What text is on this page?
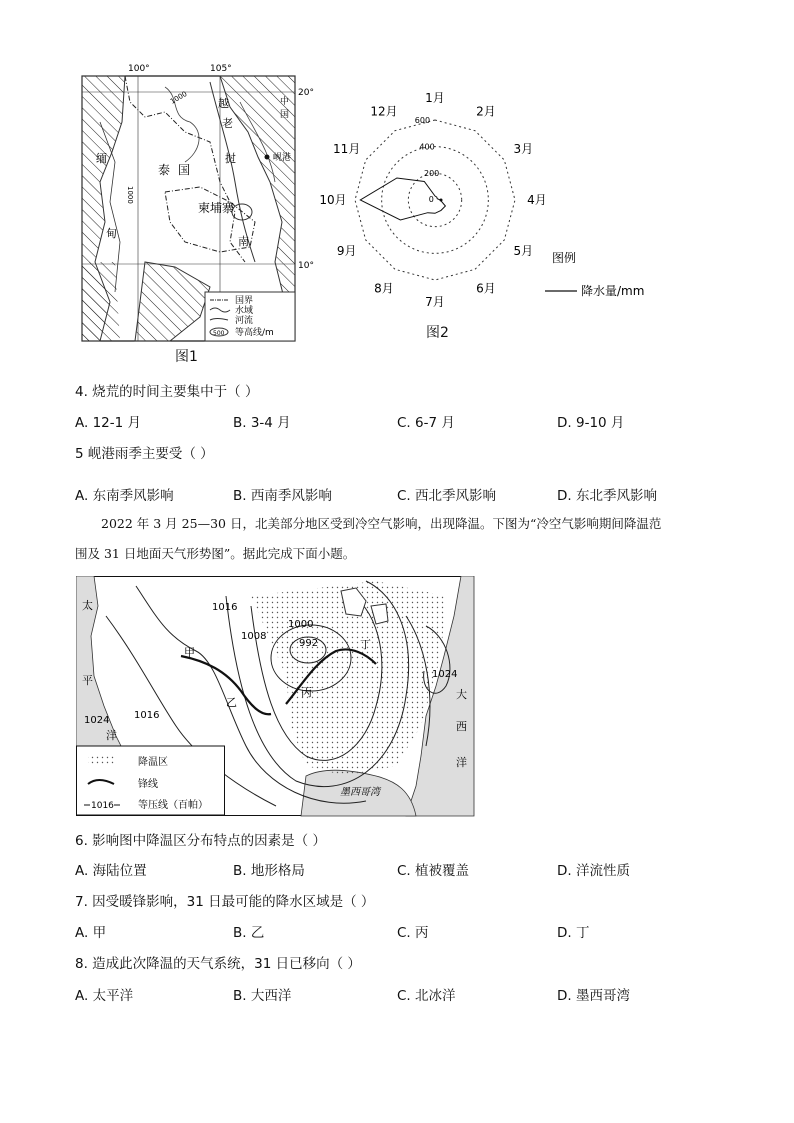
100°	105°
20°
10°
泰 国
柬埔寨
越
南
缅
甸
岘港
中
国
老
挝
1000
1000
500
国界
水域
河流
等高线/m
图1
0
200
400
600
1月
2月
3月
4月
5月
6月
7月
8月
9月
10月
11月
12月
图例
降水量/mm
图2
4. 烧荒的时间主要集中于（ ）
A. 12-1 月	B. 3-4 月	C. 6-7 月	D. 9-10 月
5 岘港雨季主要受（ ）
A. 东南季风影响	B. 西南季风影响	C. 西北季风影响	D. 东北季风影响
2022 年 3 月 25—30 日，北美部分地区受到冷空气影响，出现降温。下图为“冷空气影响期间降温范
围及 31 日地面天气形势图”。据此完成下面小题。
1016
1008
1000
992
1016
1024
1024
甲
乙
丙
丁
太
平
洋
大
西
洋
墨西哥湾
1016
降温区
锋线
等压线（百帕）
6. 影响图中降温区分布特点的因素是（ ）
A. 海陆位置	B. 地形格局	C. 植被覆盖	D. 洋流性质
7. 因受暖锋影响，31 日最可能的降水区域是（ ）
A. 甲	B. 乙	C. 丙	D. 丁
8. 造成此次降温的天气系统，31 日已移向（ ）
A. 太平洋	B. 大西洋	C. 北冰洋	D. 墨西哥湾
